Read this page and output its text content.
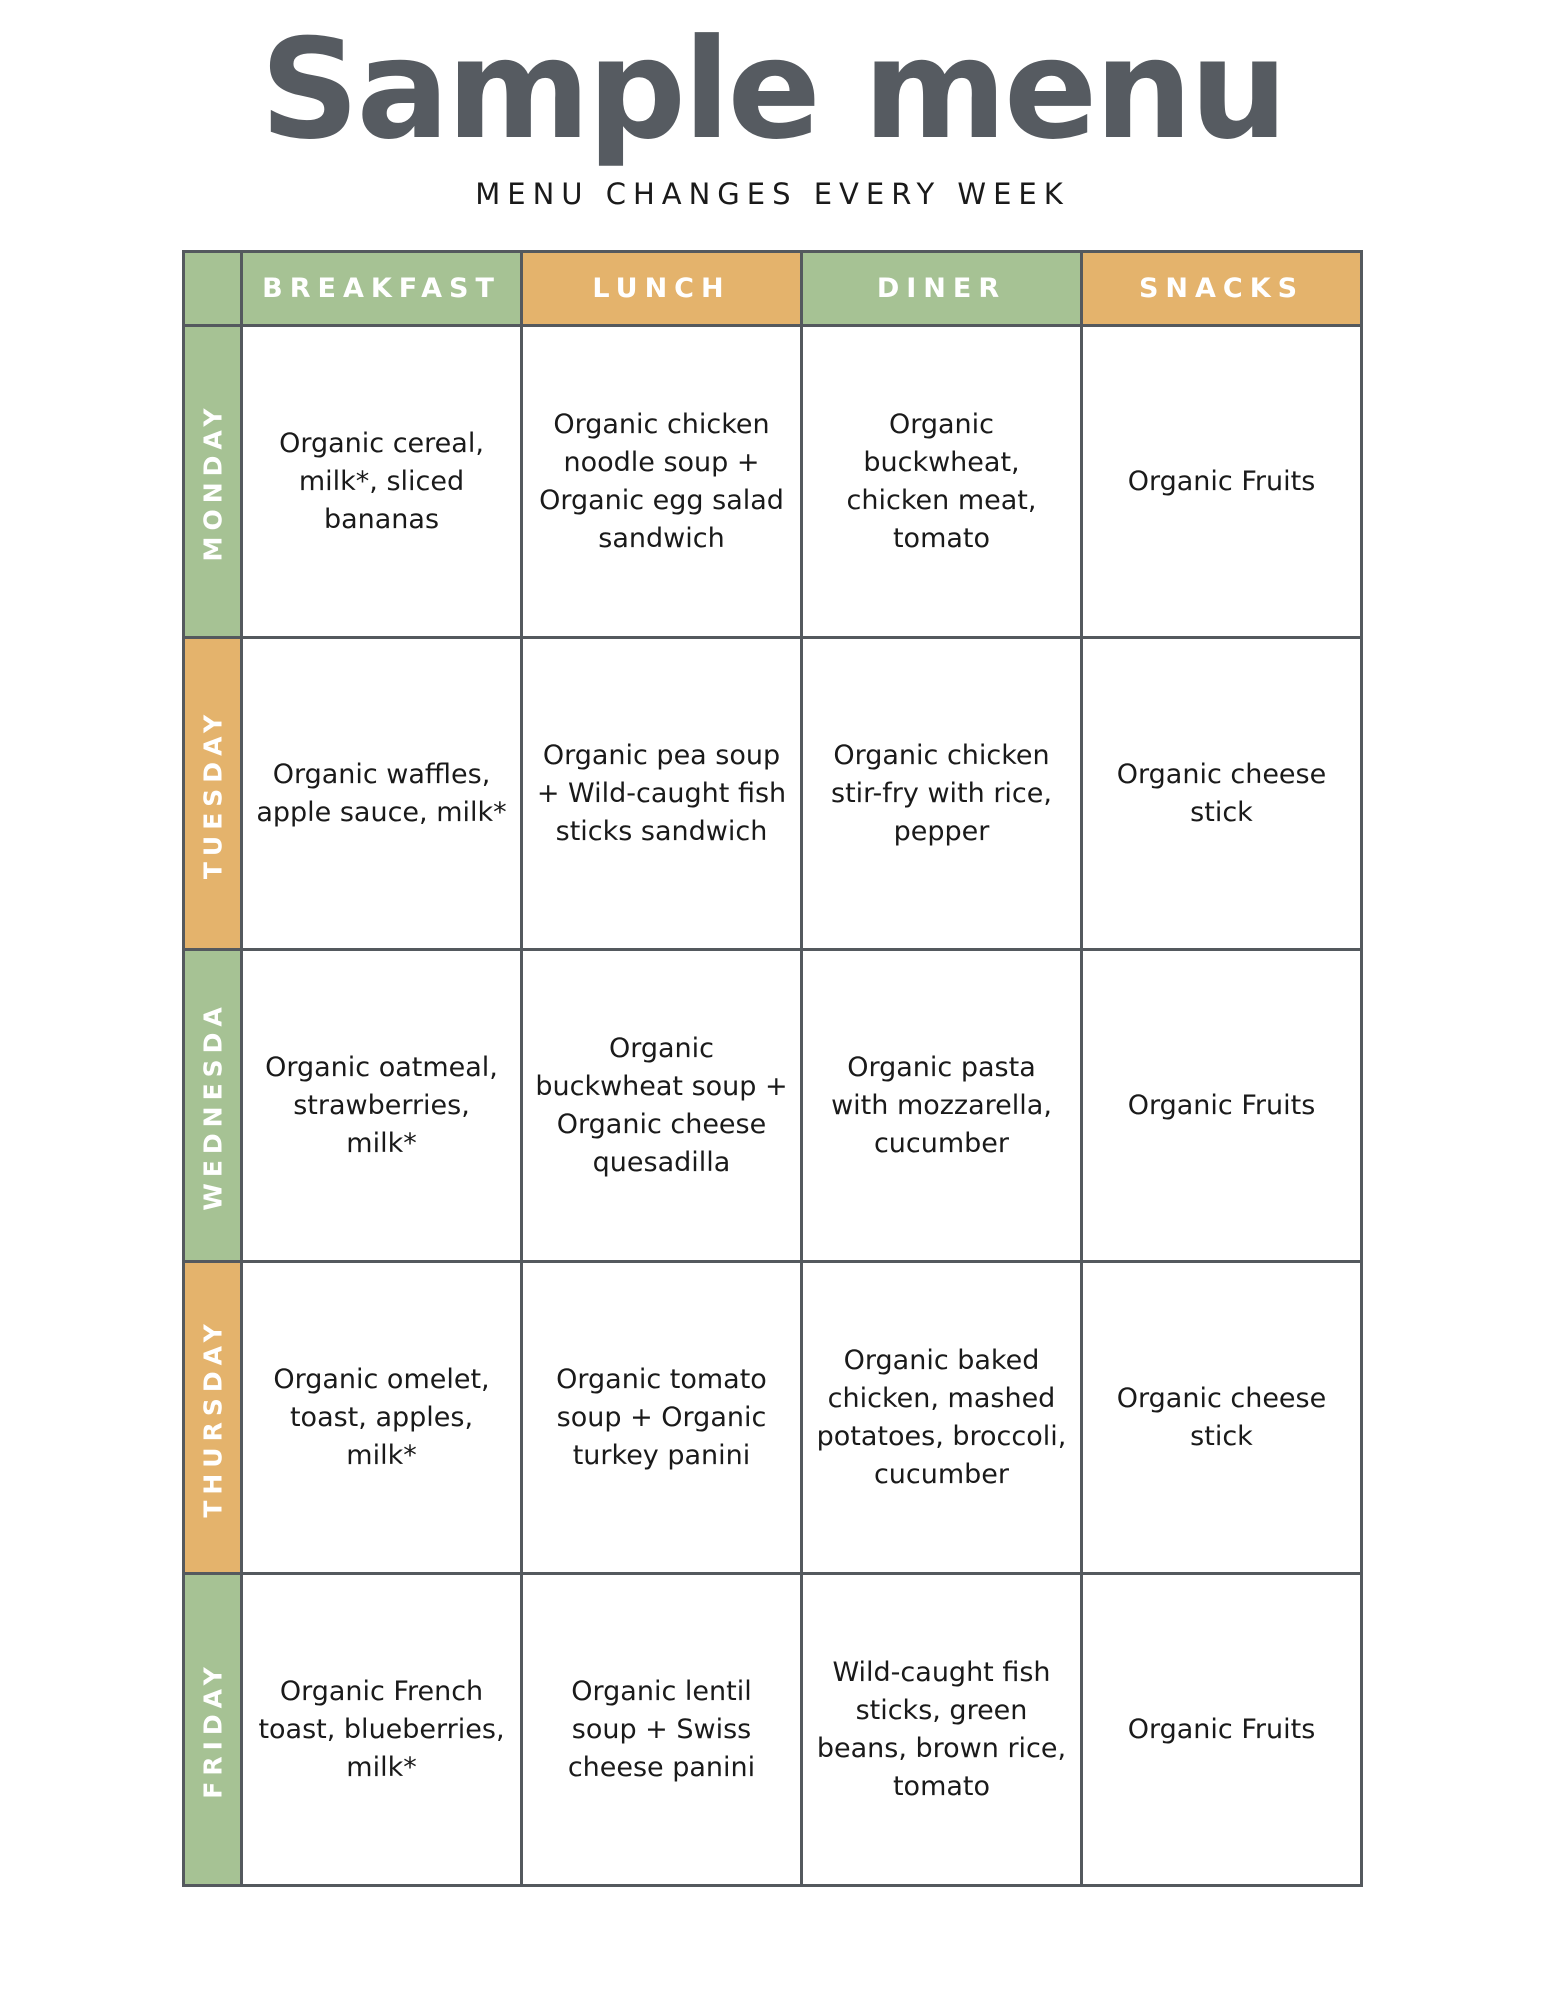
Sample menu
MENU CHANGES EVERY WEEK
	BREAKFAST	LUNCH	DINER	SNACKS

MONDAY	Organic cereal, milk*, sliced bananas	Organic chicken noodle soup + Organic egg salad sandwich	Organic buckwheat, chicken meat, tomato	Organic Fruits

TUESDAY	Organic waffles, apple sauce, milk*	Organic pea soup + Wild-caught fish sticks sandwich	Organic chicken stir-fry with rice, pepper	Organic cheese stick

WEDNESDA	Organic oatmeal, strawberries, milk*	Organic buckwheat soup + Organic cheese quesadilla	Organic pasta with mozzarella, cucumber	Organic Fruits

THURSDAY	Organic omelet, toast, apples, milk*	Organic tomato soup + Organic turkey panini	Organic baked chicken, mashed potatoes, broccoli, cucumber	Organic cheese stick

FRIDAY	Organic French toast, blueberries, milk*	Organic lentil soup + Swiss cheese panini	Wild-caught fish sticks, green beans, brown rice, tomato	Organic Fruits
